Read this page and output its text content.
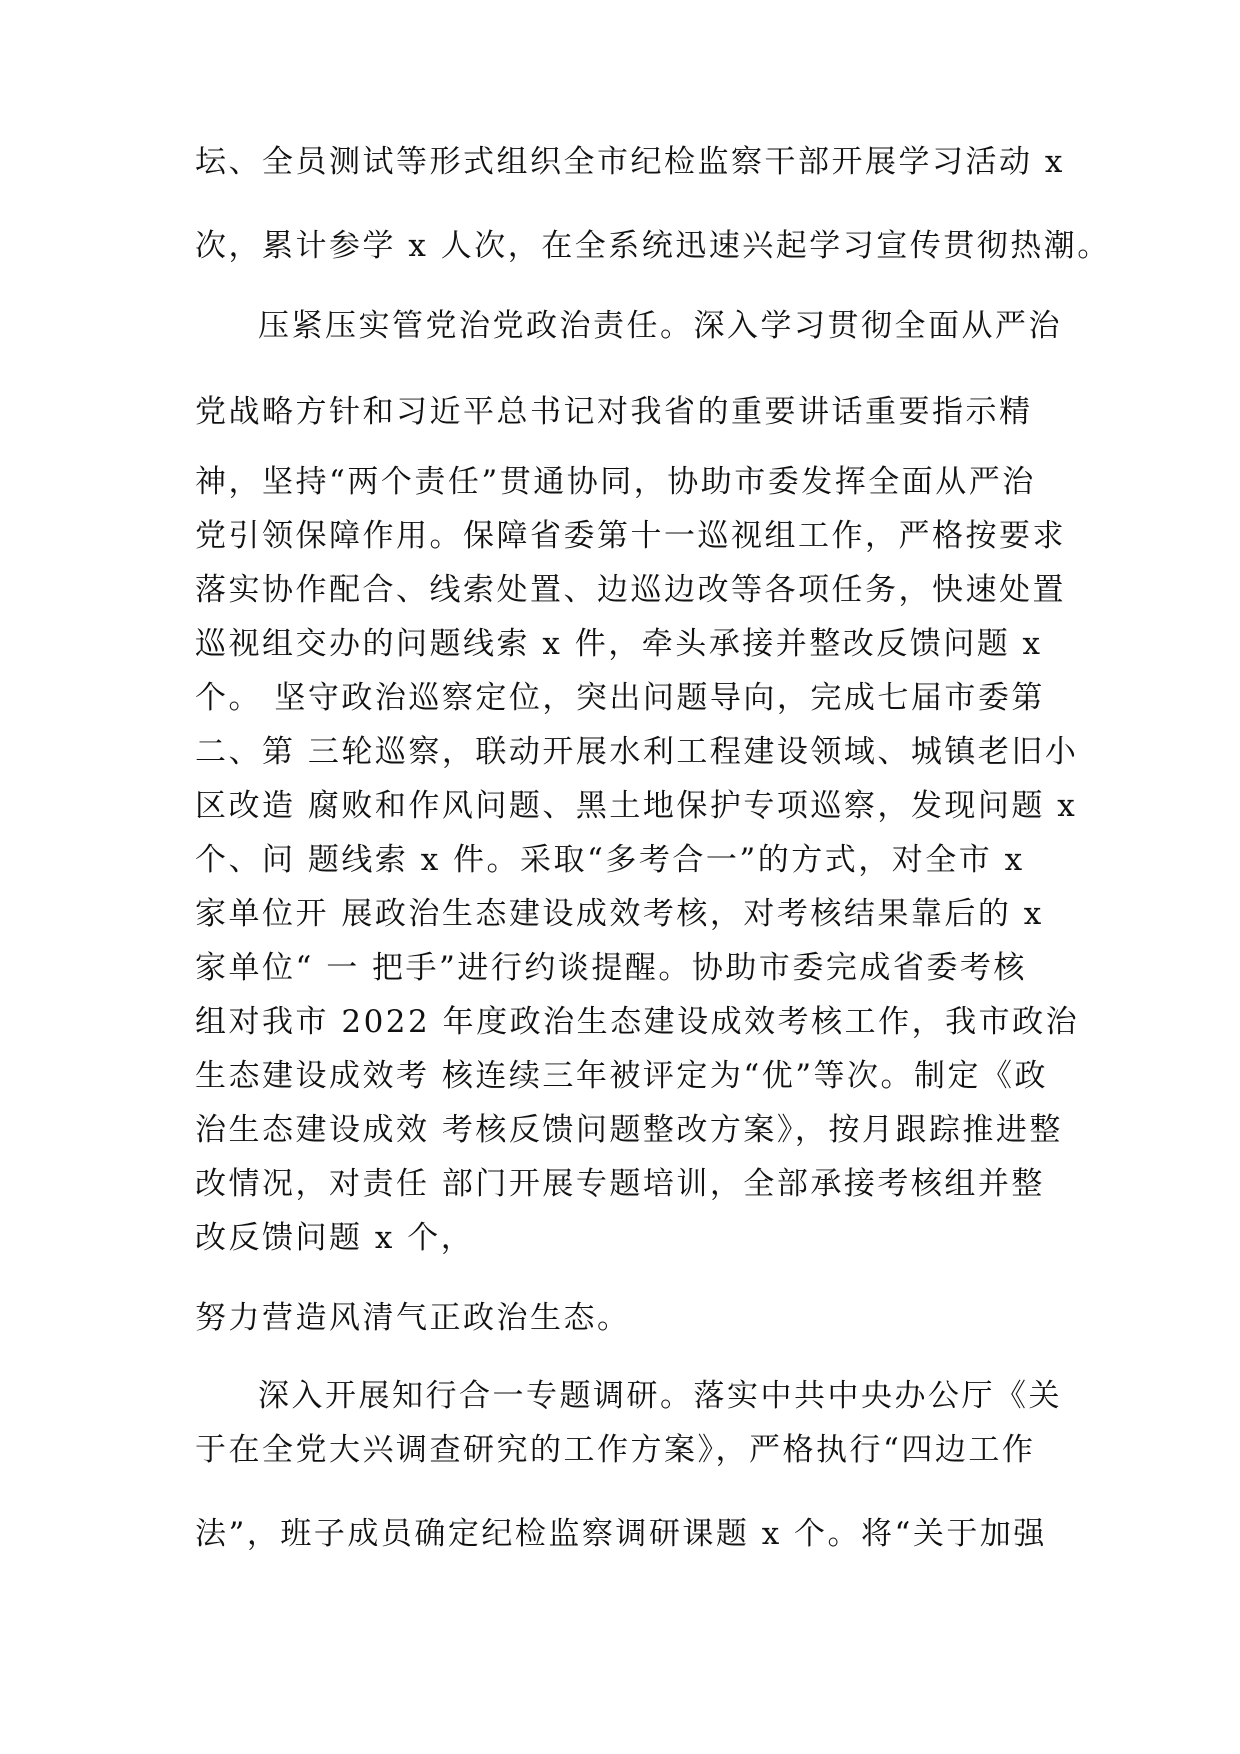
坛、全员测试等形式组织全市纪检监察干部开展学习活动 x
次，累计参学 x 人次，在全系统迅速兴起学习宣传贯彻热潮。
压紧压实管党治党政治责任。深入学习贯彻全面从严治
党战略方针和习近平总书记对我省的重要讲话重要指示精
神，坚持“两个责任”贯通协同，协助市委发挥全面从严治
党引领保障作用。保障省委第十一巡视组工作，严格按要求
落实协作配合、线索处置、边巡边改等各项任务，快速处置
巡视组交办的问题线索 x 件，牵头承接并整改反馈问题 x
个。 坚守政治巡察定位，突出问题导向，完成七届市委第
二、第 三轮巡察，联动开展水利工程建设领域、城镇老旧小
区改造 腐败和作风问题、黑土地保护专项巡察，发现问题 x
个、问 题线索 x 件。采取“多考合一”的方式，对全市 x
家单位开 展政治生态建设成效考核，对考核结果靠后的 x
家单位“ 一 把手”进行约谈提醒。协助市委完成省委考核
组对我市 2022 年度政治生态建设成效考核工作，我市政治
生态建设成效考 核连续三年被评定为“优”等次。制定《政
治生态建设成效 考核反馈问题整改方案》，按月跟踪推进整
改情况，对责任 部门开展专题培训，全部承接考核组并整
改反馈问题 x 个，
努力营造风清气正政治生态。
深入开展知行合一专题调研。落实中共中央办公厅《关
于在全党大兴调查研究的工作方案》，严格执行“四边工作
法”，班子成员确定纪检监察调研课题 x 个。将“关于加强
